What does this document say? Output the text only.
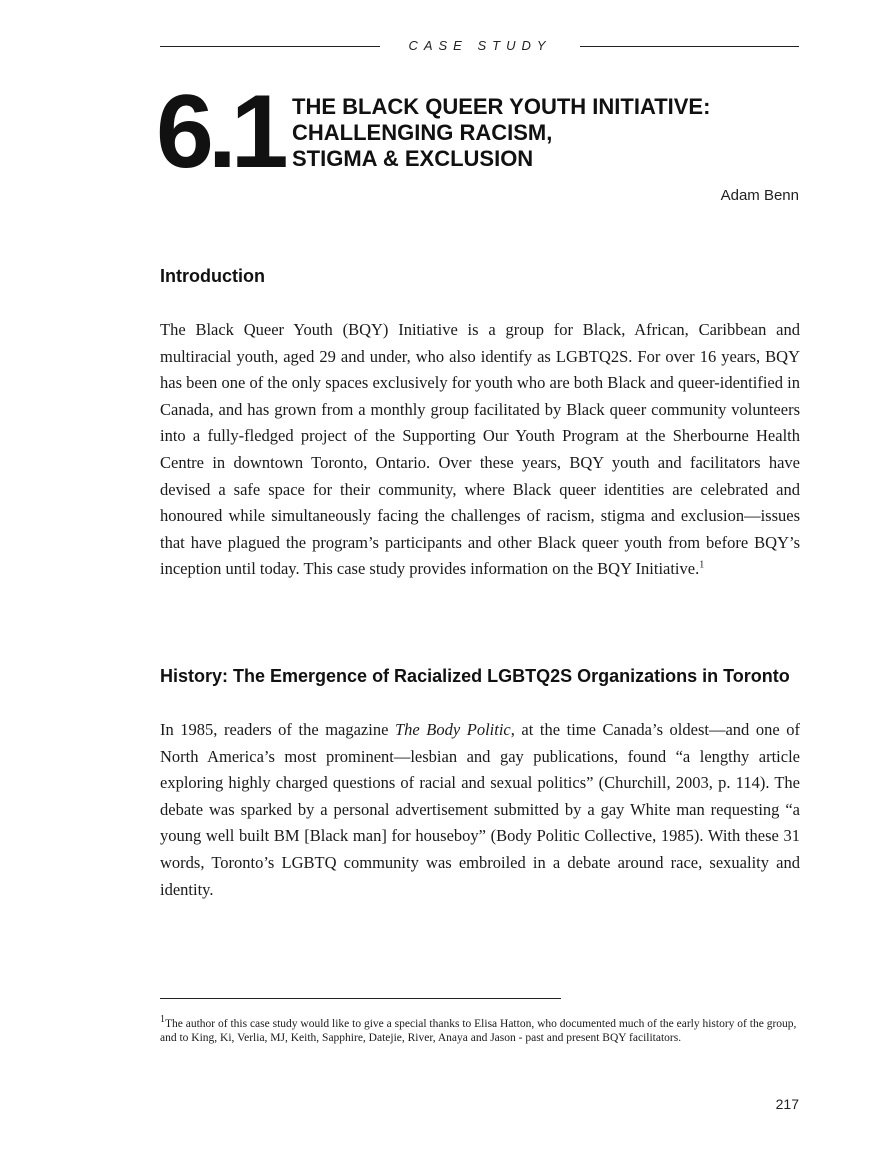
CASE STUDY
6.1 THE BLACK QUEER YOUTH INITIATIVE:
CHALLENGING RACISM,
STIGMA & EXCLUSION
Adam Benn
Introduction

The Black Queer Youth (BQY) Initiative is a group for Black, African, Caribbean and multiracial youth, aged 29 and under, who also identify as LGBTQ2S. For over 16 years, BQY has been one of the only spaces exclusively for youth who are both Black and queer-identified in Canada, and has grown from a monthly group facilitated by Black queer community volunteers into a fully-fledged project of the Supporting Our Youth Program at the Sherbourne Health Centre in downtown Toronto, Ontario. Over these years, BQY youth and facilitators have devised a safe space for their community, where Black queer identities are celebrated and honoured while simultaneously facing the challenges of racism, stigma and exclusion—issues that have plagued the program’s participants and other Black queer youth from before BQY’s inception until today. This case study provides information on the BQY Initiative.$^1$

History: The Emergence of Racialized LGBTQ2S Organizations in Toronto

In 1985, readers of the magazine The Body Politic, at the time Canada’s oldest—and one of North America’s most prominent—lesbian and gay publications, found “a lengthy article exploring highly charged questions of racial and sexual politics” (Churchill, 2003, p. 114). The debate was sparked by a personal advertisement submitted by a gay White man requesting “a young well built BM [Black man] for houseboy” (Body Politic Collective, 1985). With these 31 words, Toronto’s LGBTQ community was embroiled in a debate around race, sexuality and identity.

1The author of this case study would like to give a special thanks to Elisa Hatton, who documented much of the early history of the group, and to King, Ki, Verlia, MJ, Keith, Sapphire, Datejie, River, Anaya and Jason - past and present BQY facilitators.

217
